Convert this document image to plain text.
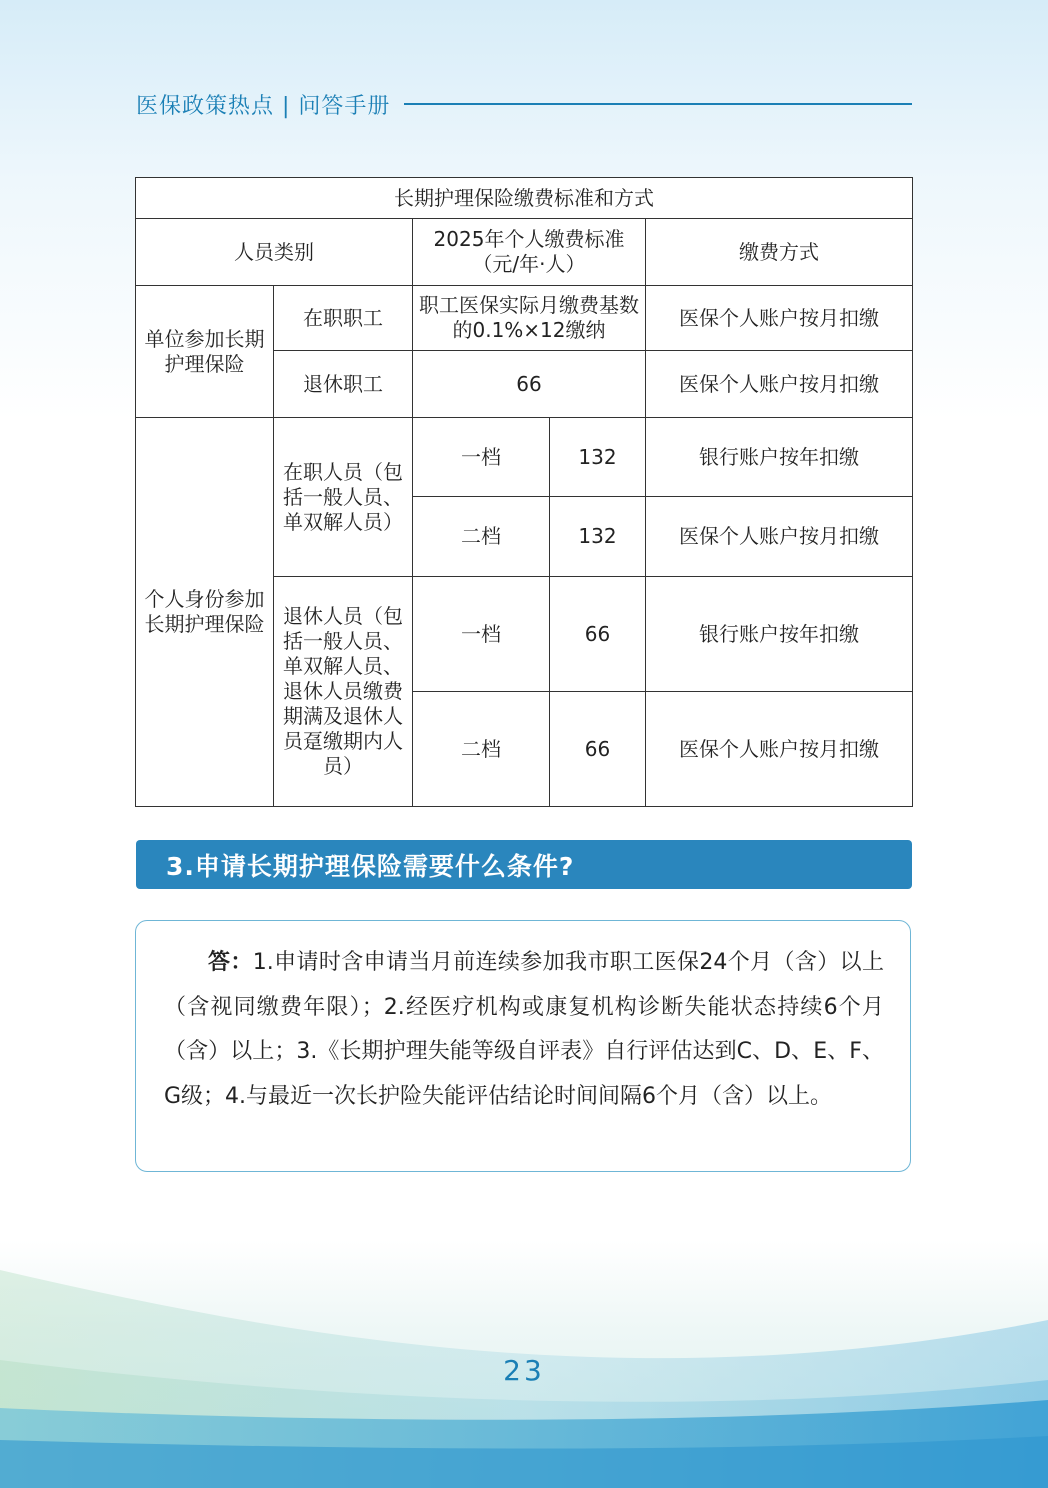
医保政策热点 | 问答手册
长期护理保险缴费标准和方式				
人员类别		2025年个人缴费标准（元/年·人）		缴费方式
单位参加长期护理保险	在职职工	职工医保实际月缴费基数的0.1%×12缴纳		医保个人账户按月扣缴
	退休职工	66		医保个人账户按月扣缴
个人身份参加长期护理保险	在职人员（包括一般人员、单双解人员）	一档	132	银行账户按年扣缴
		二档	132	医保个人账户按月扣缴
	退休人员（包括一般人员、单双解人员、退休人员缴费期满及退休人员趸缴期内人员）	一档	66	银行账户按年扣缴
		二档	66	医保个人账户按月扣缴
3.申请长期护理保险需要什么条件?

答：1.申请时含申请当月前连续参加我市职工医保24个月（含）以上（含视同缴费年限）；2.经医疗机构或康复机构诊断失能状态持续6个月（含）以上；3.《长期护理失能等级自评表》自行评估达到C、D、E、F、G级；4.与最近一次长护险失能评估结论时间间隔6个月（含）以上。

23
